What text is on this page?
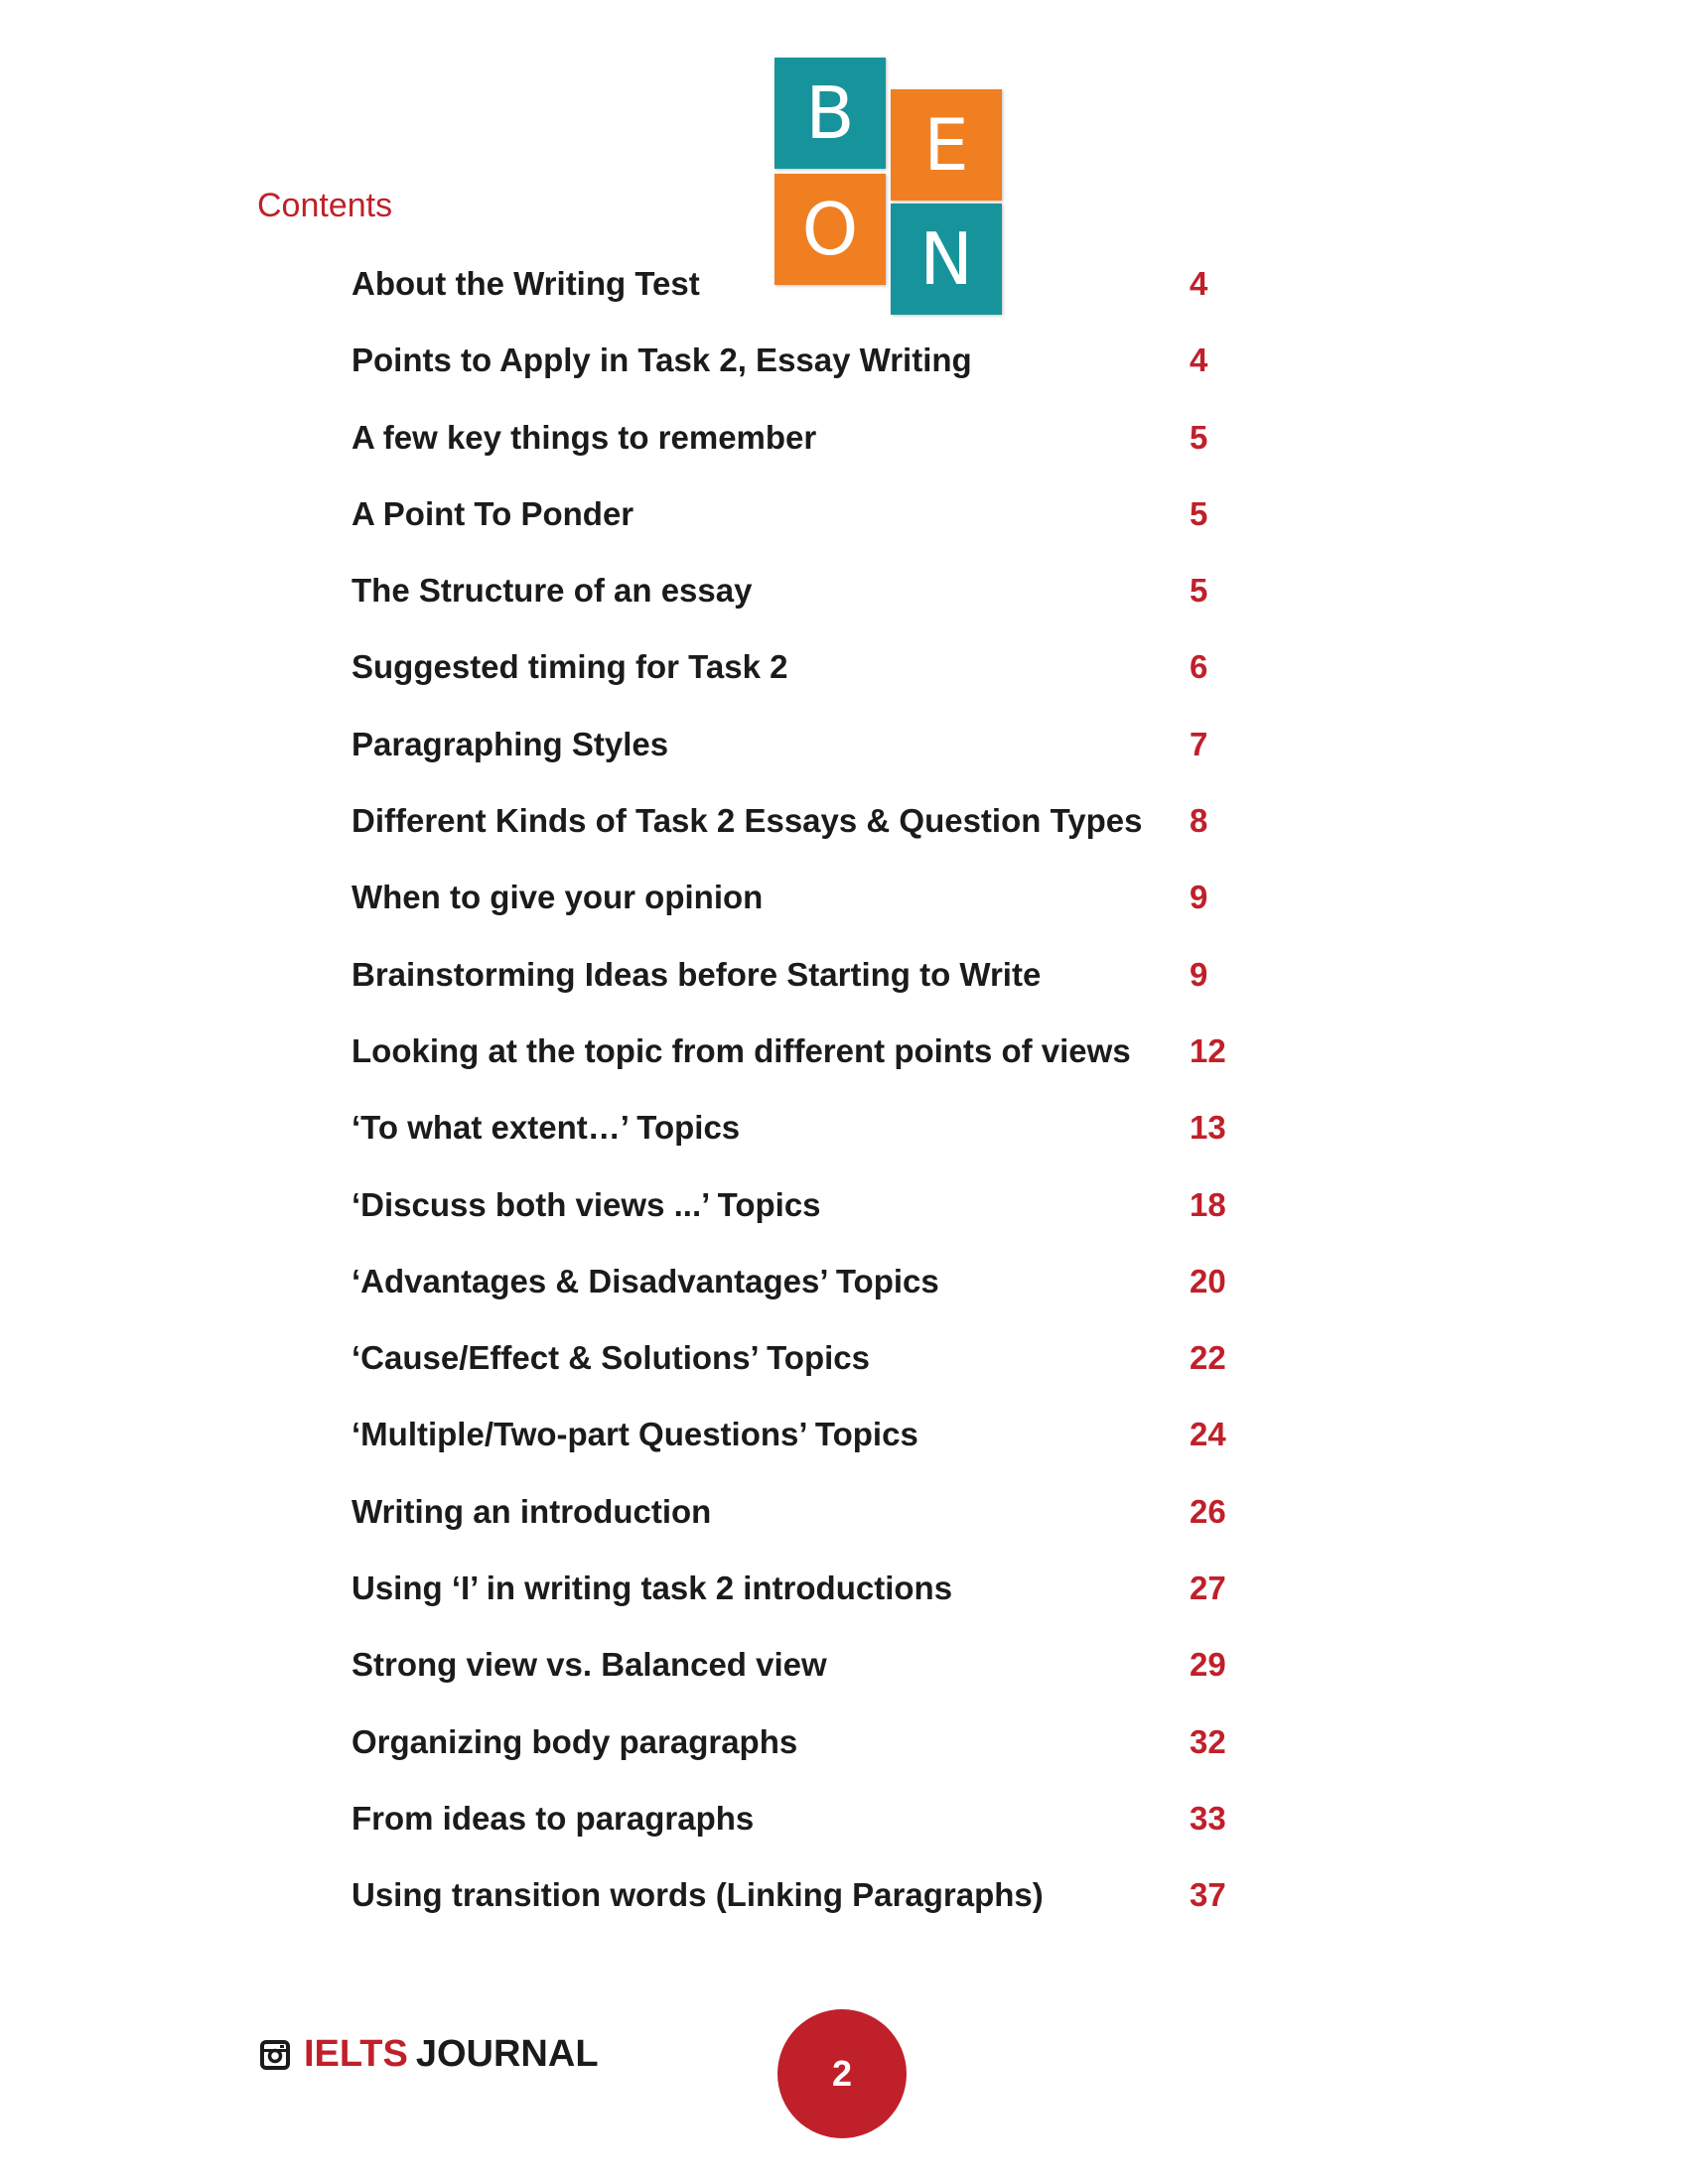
B E
O N
Contents
About the Writing Test	4
Points to Apply in Task 2, Essay Writing	4
A few key things to remember	5
A Point To Ponder	5
The Structure of an essay	5
Suggested timing for Task 2	6
Paragraphing Styles	7
Different Kinds of Task 2 Essays & Question Types 8
When to give your opinion	9
Brainstorming Ideas before Starting to Write	9
Looking at the topic from different points of views 12
‘To what extent…’ Topics	13
‘Discuss both views ...’ Topics	18
‘Advantages & Disadvantages’ Topics	20
‘Cause/Effect & Solutions’ Topics	22
‘Multiple/Two-part Questions’ Topics	24
Writing an introduction	26
Using ‘I’ in writing task 2 introductions	27
Strong view vs. Balanced view	29
Organizing body paragraphs	32
From ideas to paragraphs	33
Using transition words (Linking Paragraphs)	37
IELTS JOURNAL	2
